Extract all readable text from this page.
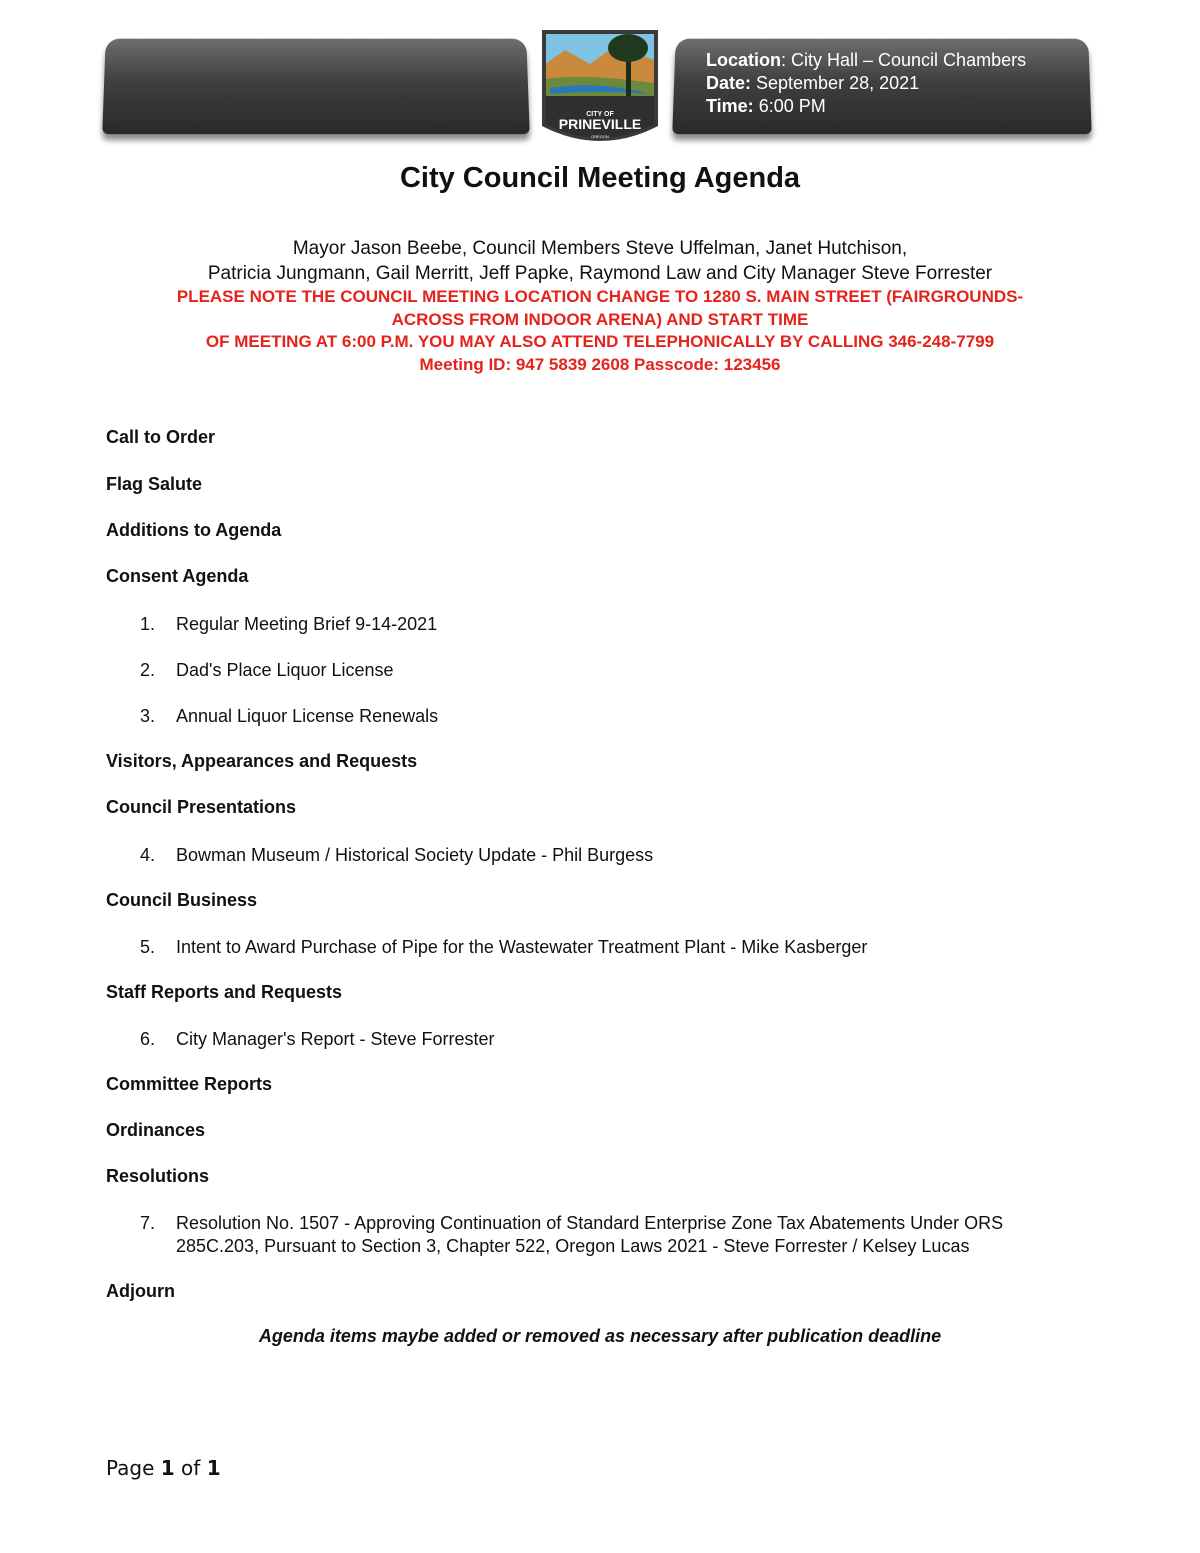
CITY OF
PRINEVILLE
OREGON
Location: City Hall – Council Chambers
Date: September 28, 2021
Time: 6:00 PM
City Council Meeting Agenda
Mayor Jason Beebe, Council Members Steve Uffelman, Janet Hutchison,
Patricia Jungmann, Gail Merritt, Jeff Papke, Raymond Law and City Manager Steve Forrester
PLEASE NOTE THE COUNCIL MEETING LOCATION CHANGE TO 1280 S. MAIN STREET (FAIRGROUNDS-
ACROSS FROM INDOOR ARENA) AND START TIME
OF MEETING AT 6:00 P.M. YOU MAY ALSO ATTEND TELEPHONICALLY BY CALLING 346-248-7799
Meeting ID: 947 5839 2608 Passcode: 123456
Call to Order
Flag Salute
Additions to Agenda
Consent Agenda
1. Regular Meeting Brief 9-14-2021
2. Dad's Place Liquor License
3. Annual Liquor License Renewals
Visitors, Appearances and Requests
Council Presentations
4. Bowman Museum / Historical Society Update - Phil Burgess
Council Business
5. Intent to Award Purchase of Pipe for the Wastewater Treatment Plant - Mike Kasberger
Staff Reports and Requests
6. City Manager's Report - Steve Forrester
Committee Reports
Ordinances
Resolutions
7. Resolution No. 1507 - Approving Continuation of Standard Enterprise Zone Tax Abatements Under ORS
285C.203, Pursuant to Section 3, Chapter 522, Oregon Laws 2021 - Steve Forrester / Kelsey Lucas
Adjourn
Agenda items maybe added or removed as necessary after publication deadline
Page 1 of 1
